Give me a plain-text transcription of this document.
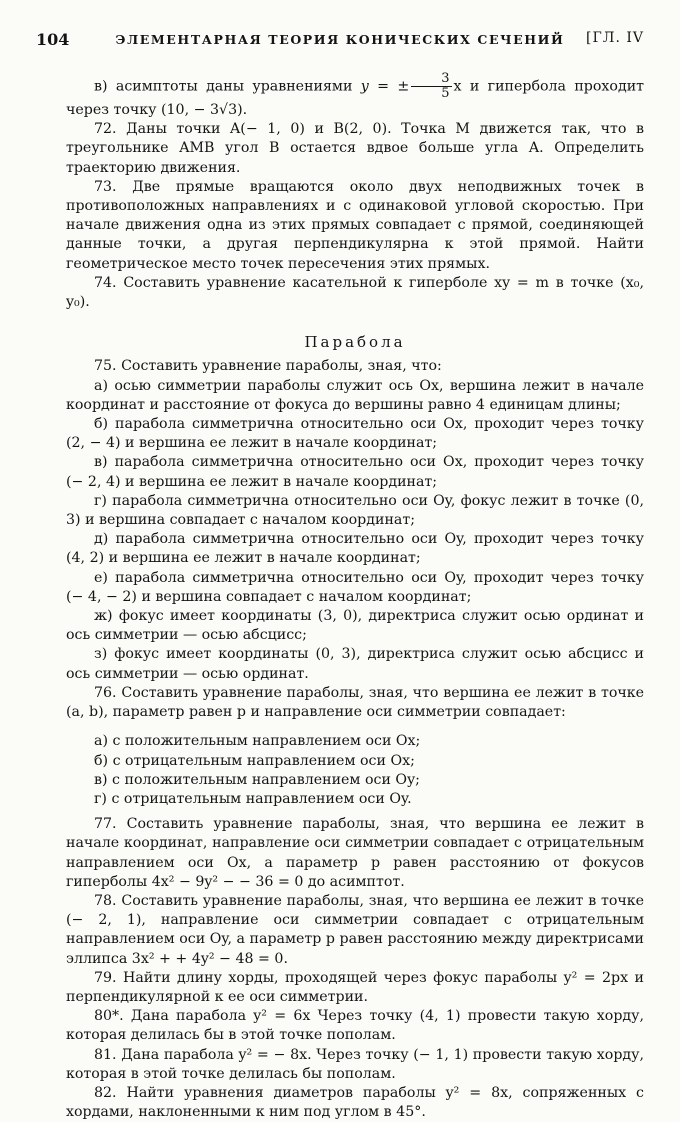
104	ЭЛЕМЕНТАРНАЯ ТЕОРИЯ КОНИЧЕСКИХ СЕЧЕНИЙ	[ГЛ. IV

в) асимптоты даны уравнениями y = ± $\frac{3}{5}$ x и гипербола проходит через точку (10, − 3√3).

72. Даны точки A(− 1, 0) и B(2, 0). Точка M движется так, что в треугольнике AMB угол B остается вдвое больше угла A. Определить траекторию движения.

73. Две прямые вращаются около двух неподвижных точек в противоположных направлениях и с одинаковой угловой скоростью. При начале движения одна из этих прямых совпадает с прямой, соединяющей данные точки, а другая перпендикулярна к этой прямой. Найти геометрическое место точек пересечения этих прямых.

74. Составить уравнение касательной к гиперболе xy = m в точке (x₀, y₀).

Парабола

75. Составить уравнение параболы, зная, что:

а) осью симметрии параболы служит ось Ox, вершина лежит в начале координат и расстояние от фокуса до вершины равно 4 единицам длины;

б) парабола симметрична относительно оси Ox, проходит через точку (2, − 4) и вершина ее лежит в начале координат;

в) парабола симметрична относительно оси Ox, проходит через точку (− 2, 4) и вершина ее лежит в начале координат;

г) парабола симметрична относительно оси Oy, фокус лежит в точке (0, 3) и вершина совпадает с началом координат;

д) парабола симметрична относительно оси Oy, проходит через точку (4, 2) и вершина ее лежит в начале координат;

е) парабола симметрична относительно оси Oy, проходит через точку (− 4, − 2) и вершина совпадает с началом координат;

ж) фокус имеет координаты (3, 0), директриса служит осью ординат и ось симметрии — осью абсцисс;

з) фокус имеет координаты (0, 3), директриса служит осью абсцисс и ось симметрии — осью ординат.

76. Составить уравнение параболы, зная, что вершина ее лежит в точке (a, b), параметр равен p и направление оси симметрии совпадает:

а) с положительным направлением оси Ox;

б) с отрицательным направлением оси Ox;

в) с положительным направлением оси Oy;

г) с отрицательным направлением оси Oy.

77. Составить уравнение параболы, зная, что вершина ее лежит в начале координат, направление оси симметрии совпадает с отрицательным направлением оси Ox, а параметр p равен расстоянию от фокусов гиперболы 4x² − 9y² − − 36 = 0 до асимптот.

78. Составить уравнение параболы, зная, что вершина ее лежит в точке (− 2, 1), направление оси симметрии совпадает с отрицательным направлением оси Oy, а параметр p равен расстоянию между директрисами эллипса 3x² + + 4y² − 48 = 0.

79. Найти длину хорды, проходящей через фокус параболы y² = 2px и перпендикулярной к ее оси симметрии.

80*. Дана парабола y² = 6x Через точку (4, 1) провести такую хорду, которая делилась бы в этой точке пополам.

81. Дана парабола y² = − 8x. Через точку (− 1, 1) провести такую хорду, которая в этой точке делилась бы пополам.

82. Найти уравнения диаметров параболы y² = 8x, сопряженных с хордами, наклоненными к ним под углом в 45°.
